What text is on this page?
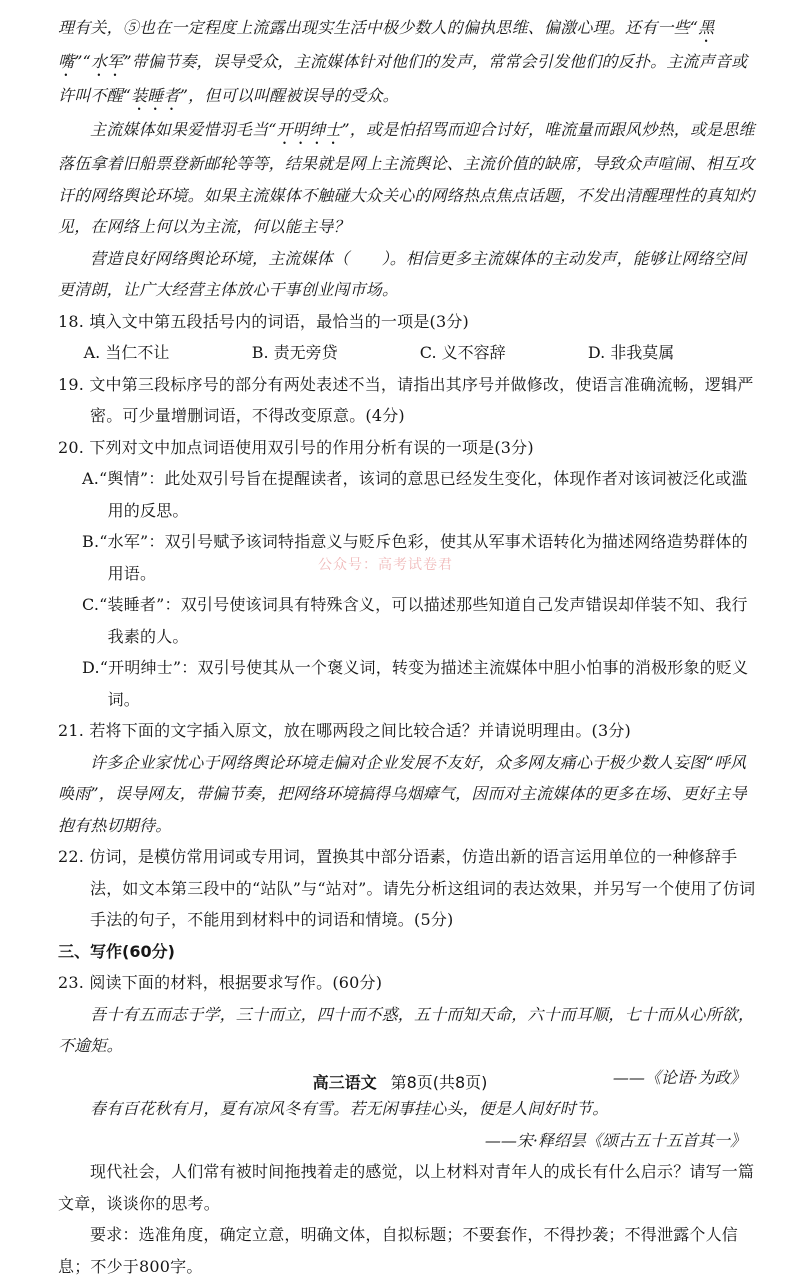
理有关，⑤也在一定程度上流露出现实生活中极少数人的偏执思维、偏激心理。还有一些“黑嘴”“水军”带偏节奏，误导受众，主流媒体针对他们的发声，常常会引发他们的反扑。主流声音或许叫不醒“装睡者”，但可以叫醒被误导的受众。

主流媒体如果爱惜羽毛当“开明绅士”，或是怕招骂而迎合讨好，唯流量而跟风炒热，或是思维落伍拿着旧船票登新邮轮等等，结果就是网上主流舆论、主流价值的缺席，导致众声喧闹、相互攻讦的网络舆论环境。如果主流媒体不触碰大众关心的网络热点焦点话题，不发出清醒理性的真知灼见，在网络上何以为主流，何以能主导？

营造良好网络舆论环境，主流媒体（　　）。相信更多主流媒体的主动发声，能够让网络空间更清朗，让广大经营主体放心干事创业闯市场。

18. 填入文中第五段括号内的词语，最恰当的一项是(3分)

A. 当仁不让	B. 责无旁贷	C. 义不容辞	D. 非我莫属

19. 文中第三段标序号的部分有两处表述不当，请指出其序号并做修改，使语言准确流畅，逻辑严密。可少量增删词语，不得改变原意。(4分)

20. 下列对文中加点词语使用双引号的作用分析有误的一项是(3分)

A.“舆情”：此处双引号旨在提醒读者，该词的意思已经发生变化，体现作者对该词被泛化或滥用的反思。

B.“水军”：双引号赋予该词特指意义与贬斥色彩，使其从军事术语转化为描述网络造势群体的用语。

C.“装睡者”：双引号使该词具有特殊含义，可以描述那些知道自己发声错误却佯装不知、我行我素的人。

D.“开明绅士”：双引号使其从一个褒义词，转变为描述主流媒体中胆小怕事的消极形象的贬义词。

21. 若将下面的文字插入原文，放在哪两段之间比较合适？并请说明理由。(3分)

许多企业家忧心于网络舆论环境走偏对企业发展不友好，众多网友痛心于极少数人妄图“呼风唤雨”，误导网友，带偏节奏，把网络环境搞得乌烟瘴气，因而对主流媒体的更多在场、更好主导抱有热切期待。

22. 仿词，是模仿常用词或专用词，置换其中部分语素，仿造出新的语言运用单位的一种修辞手法，如文本第三段中的“站队”与“站对”。请先分析这组词的表达效果，并另写一个使用了仿词手法的句子，不能用到材料中的词语和情境。(5分)

三、写作(60分)

23. 阅读下面的材料，根据要求写作。(60分)

吾十有五而志于学，三十而立，四十而不惑，五十而知天命，六十而耳顺，七十而从心所欲，不逾矩。

——《论语·为政》

春有百花秋有月，夏有凉风冬有雪。若无闲事挂心头，便是人间好时节。

——宋·释绍昙《颂古五十五首其一》

现代社会，人们常有被时间拖拽着走的感觉，以上材料对青年人的成长有什么启示？请写一篇文章，谈谈你的思考。

要求：选准角度，确定立意，明确文体，自拟标题；不要套作，不得抄袭；不得泄露个人信息；不少于800字。

公众号：高考试卷君
高三语文 第8页(共8页)
